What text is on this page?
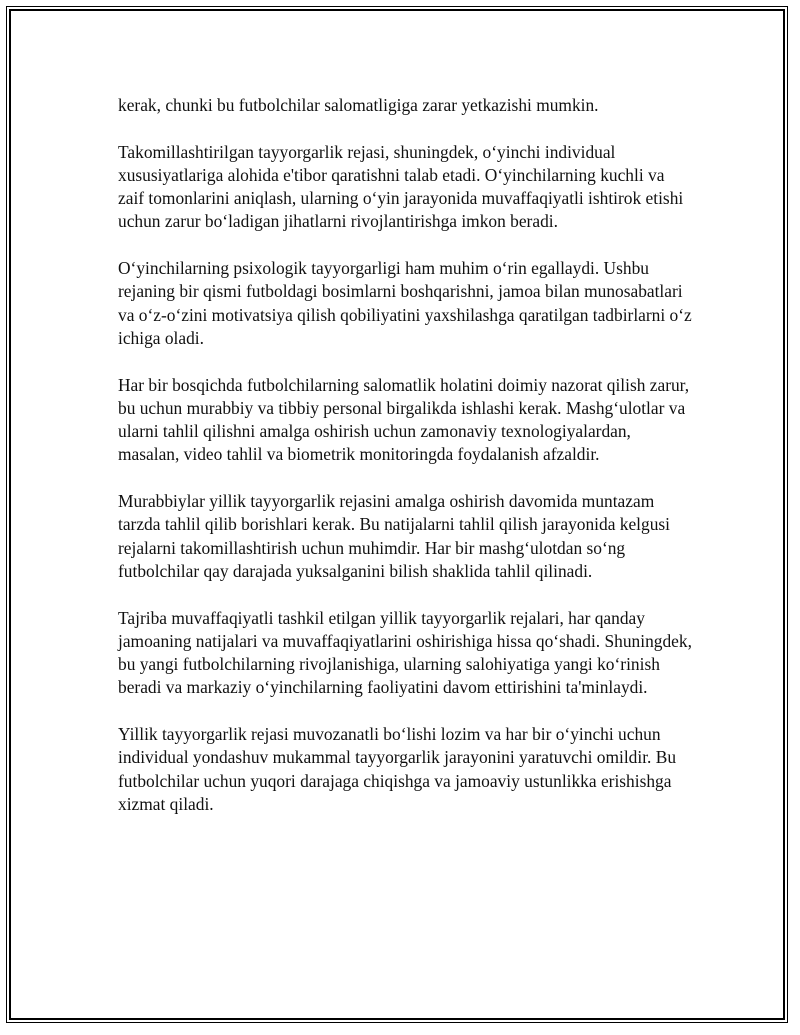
kerak, chunki bu futbolchilar salomatligiga zarar yetkazishi mumkin.

Takomillashtirilgan tayyorgarlik rejasi, shuningdek, o‘yinchi individual xususiyatlariga alohida e'tibor qaratishni talab etadi. O‘yinchilarning kuchli va zaif tomonlarini aniqlash, ularning o‘yin jarayonida muvaffaqiyatli ishtirok etishi uchun zarur bo‘ladigan jihatlarni rivojlantirishga imkon beradi.

O‘yinchilarning psixologik tayyorgarligi ham muhim o‘rin egallaydi. Ushbu rejaning bir qismi futboldagi bosimlarni boshqarishni, jamoa bilan munosabatlari va o‘z-o‘zini motivatsiya qilish qobiliyatini yaxshilashga qaratilgan tadbirlarni o‘z ichiga oladi.

Har bir bosqichda futbolchilarning salomatlik holatini doimiy nazorat qilish zarur, bu uchun murabbiy va tibbiy personal birgalikda ishlashi kerak. Mashg‘ulotlar va ularni tahlil qilishni amalga oshirish uchun zamonaviy texnologiyalardan, masalan, video tahlil va biometrik monitoringda foydalanish afzaldir.

Murabbiylar yillik tayyorgarlik rejasini amalga oshirish davomida muntazam tarzda tahlil qilib borishlari kerak. Bu natijalarni tahlil qilish jarayonida kelgusi rejalarni takomillashtirish uchun muhimdir. Har bir mashg‘ulotdan so‘ng futbolchilar qay darajada yuksalganini bilish shaklida tahlil qilinadi.

Tajriba muvaffaqiyatli tashkil etilgan yillik tayyorgarlik rejalari, har qanday jamoaning natijalari va muvaffaqiyatlarini oshirishiga hissa qo‘shadi. Shuningdek, bu yangi futbolchilarning rivojlanishiga, ularning salohiyatiga yangi ko‘rinish beradi va markaziy o‘yinchilarning faoliyatini davom ettirishini ta'minlaydi.

Yillik tayyorgarlik rejasi muvozanatli bo‘lishi lozim va har bir o‘yinchi uchun individual yondashuv mukammal tayyorgarlik jarayonini yaratuvchi omildir. Bu futbolchilar uchun yuqori darajaga chiqishga va jamoaviy ustunlikka erishishga xizmat qiladi.
